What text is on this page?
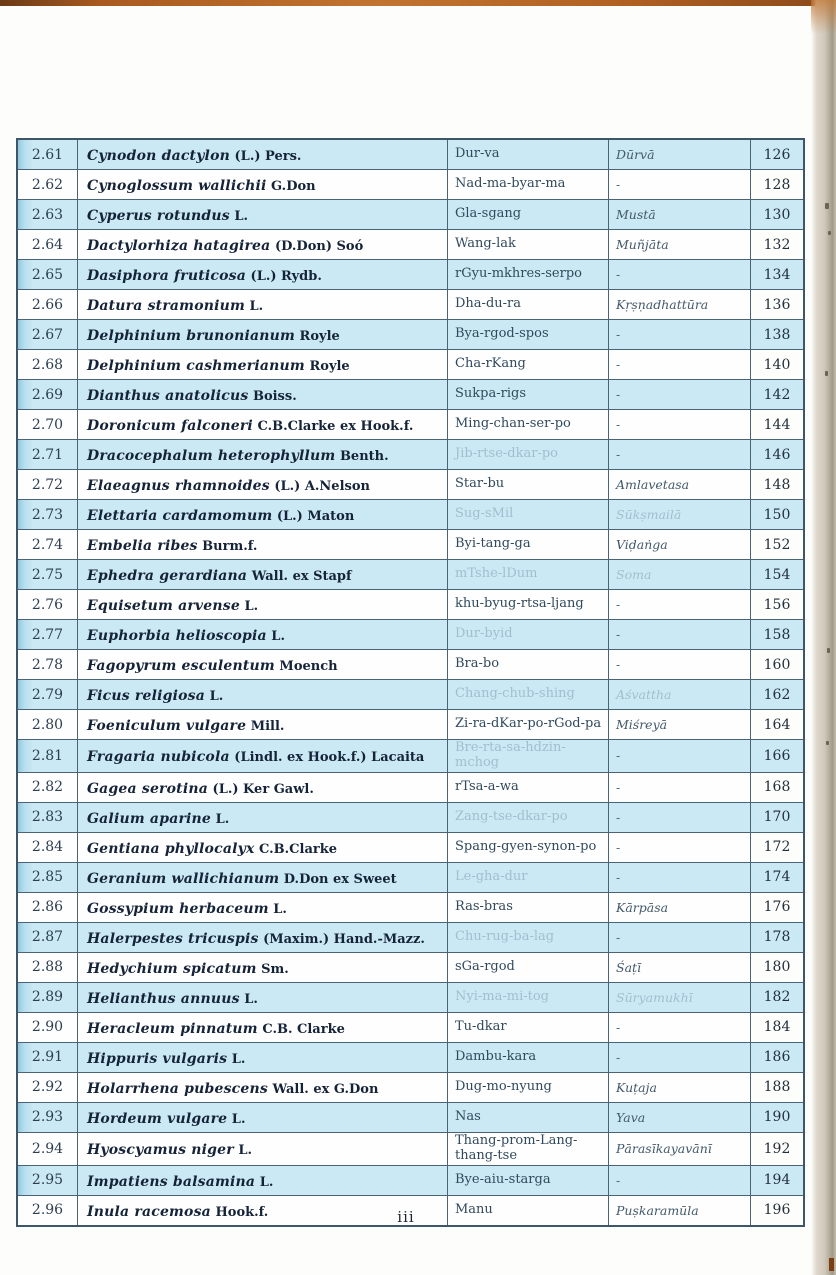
2.61	Cynodon dactylon (L.) Pers.	Dur-va	Dūrvā	126
2.62	Cynoglossum wallichii G.Don	Nad-ma-byar-ma	-	128
2.63	Cyperus rotundus L.	Gla-sgang	Mustā	130
2.64	Dactylorhiza hatagirea (D.Don) Soó	Wang-lak	Muñjāta	132
2.65	Dasiphora fruticosa (L.) Rydb.	rGyu-mkhres-serpo	-	134
2.66	Datura stramonium L.	Dha-du-ra	Kṛṣṇadhattūra	136
2.67	Delphinium brunonianum Royle	Bya-rgod-spos	-	138
2.68	Delphinium cashmerianum Royle	Cha-rKang	-	140
2.69	Dianthus anatolicus Boiss.	Sukpa-rigs	-	142
2.70	Doronicum falconeri C.B.Clarke ex Hook.f.	Ming-chan-ser-po	-	144
2.71	Dracocephalum heterophyllum Benth.	Jib-rtse-dkar-po	-	146
2.72	Elaeagnus rhamnoides (L.) A.Nelson	Star-bu	Amlavetasa	148
2.73	Elettaria cardamomum (L.) Maton	Sug-sMil	Sūkṣmailā	150
2.74	Embelia ribes Burm.f.	Byi-tang-ga	Viḍaṅga	152
2.75	Ephedra gerardiana Wall. ex Stapf	mTshe-lDum	Soma	154
2.76	Equisetum arvense L.	khu-byug-rtsa-ljang	-	156
2.77	Euphorbia helioscopia L.	Dur-byid	-	158
2.78	Fagopyrum esculentum Moench	Bra-bo	-	160
2.79	Ficus religiosa L.	Chang-chub-shing	Aśvattha	162
2.80	Foeniculum vulgare Mill.	Zi-ra-dKar-po-rGod-pa	Miśreyā	164
2.81	Fragaria nubicola (Lindl. ex Hook.f.) Lacaita	Bre-rta-sa-hdzin-mchog	-	166
2.82	Gagea serotina (L.) Ker Gawl.	rTsa-a-wa	-	168
2.83	Galium aparine L.	Zang-tse-dkar-po	-	170
2.84	Gentiana phyllocalyx C.B.Clarke	Spang-gyen-synon-po	-	172
2.85	Geranium wallichianum D.Don ex Sweet	Le-gha-dur	-	174
2.86	Gossypium herbaceum L.	Ras-bras	Kārpāsa	176
2.87	Halerpestes tricuspis (Maxim.) Hand.-Mazz.	Chu-rug-ba-lag	-	178
2.88	Hedychium spicatum Sm.	sGa-rgod	Śaṭī	180
2.89	Helianthus annuus L.	Nyi-ma-mi-tog	Sūryamukhī	182
2.90	Heracleum pinnatum C.B. Clarke	Tu-dkar	-	184
2.91	Hippuris vulgaris L.	Dambu-kara	-	186
2.92	Holarrhena pubescens Wall. ex G.Don	Dug-mo-nyung	Kuṭaja	188
2.93	Hordeum vulgare L.	Nas	Yava	190
2.94	Hyoscyamus niger L.	Thang-prom-Lang-thang-tse	Pārasīkayavānī	192
2.95	Impatiens balsamina L.	Bye-aiu-starga	-	194
2.96	Inula racemosa Hook.f.	Manu	Puṣkaramūla	196
iii
